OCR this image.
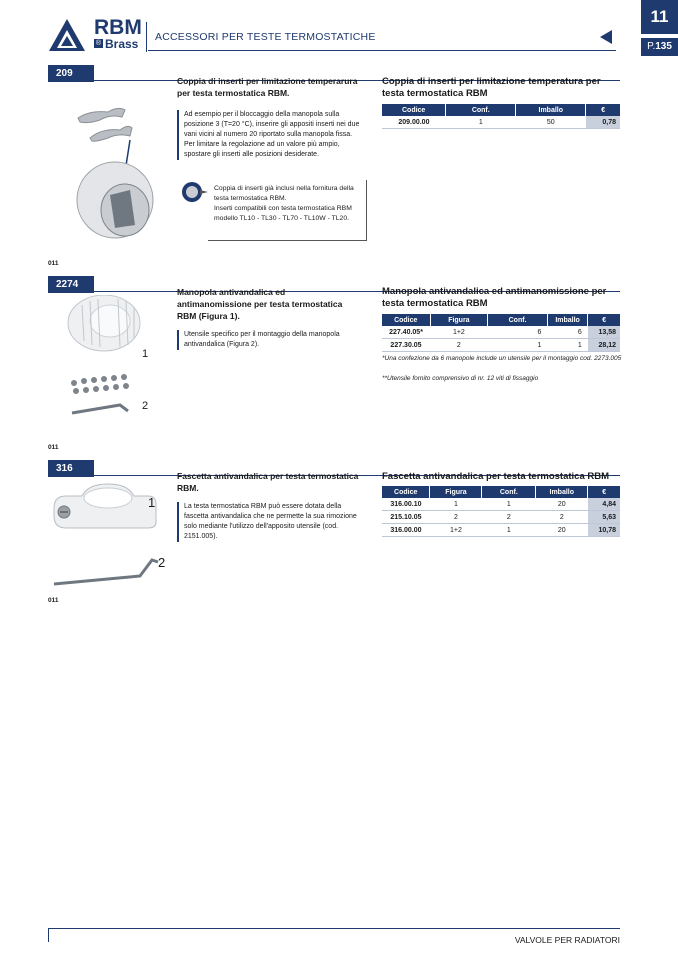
RBM
® Brass ACCESSORI PER TESTE TERMOSTATICHE
11
P.135
209
Coppia di inserti per limitazione temperarura per testa termostatica RBM.
Ad esempio per il bloccaggio della manopola sulla posizione 3 (T=20 °C), inserire gli appositi inserti nei due vani vicini al numero 20 riportato sulla manopola fissa.
Per limitare la regolazione ad un valore più ampio, spostare gli inserti alle posizioni desiderate.
Coppia di inserti già inclusi nella fornitura della testa termostatica RBM.
Inserti compatibili con testa termostatica RBM modello TL10 - TL30 - TL70 - TL10W - TL20.
Coppia di inserti per limitazione temperatura per testa termostatica RBM
Codice	Conf.	Imballo	€
209.00.00	1	50	0,78
011
2274
1
2
Manopola antivandalica ed antimanomissione per testa termostatica RBM (Figura 1).
Utensile specifico per il montaggio della manopola antivandalica (Figura 2).
Manopola antivandalica ed antimanomissione per testa termostatica RBM
Codice	Figura	Conf.	Imballo	€
227.40.05*	1+2	6	6	13,58
227.30.05	2	1	1	28,12
*Una confezione da 6 manopole include un utensile per il montaggio cod. 2273.005
**Utensile fornito comprensivo di nr. 12 viti di fissaggio
011
316
1
2
Fascetta antivandalica per testa termostatica RBM.
La testa termostatica RBM può essere dotata della fascetta antivandalica che ne permette la sua rimozione solo mediante l'utilizzo dell'apposito utensile (cod. 2151.005).
Fascetta antivandalica per testa termostatica RBM
Codice	Figura	Conf.	Imballo	€
316.00.10	1	1	20	4,84
215.10.05	2	2	2	5,63
316.00.00	1+2	1	20	10,78
011
VALVOLE PER RADIATORI
